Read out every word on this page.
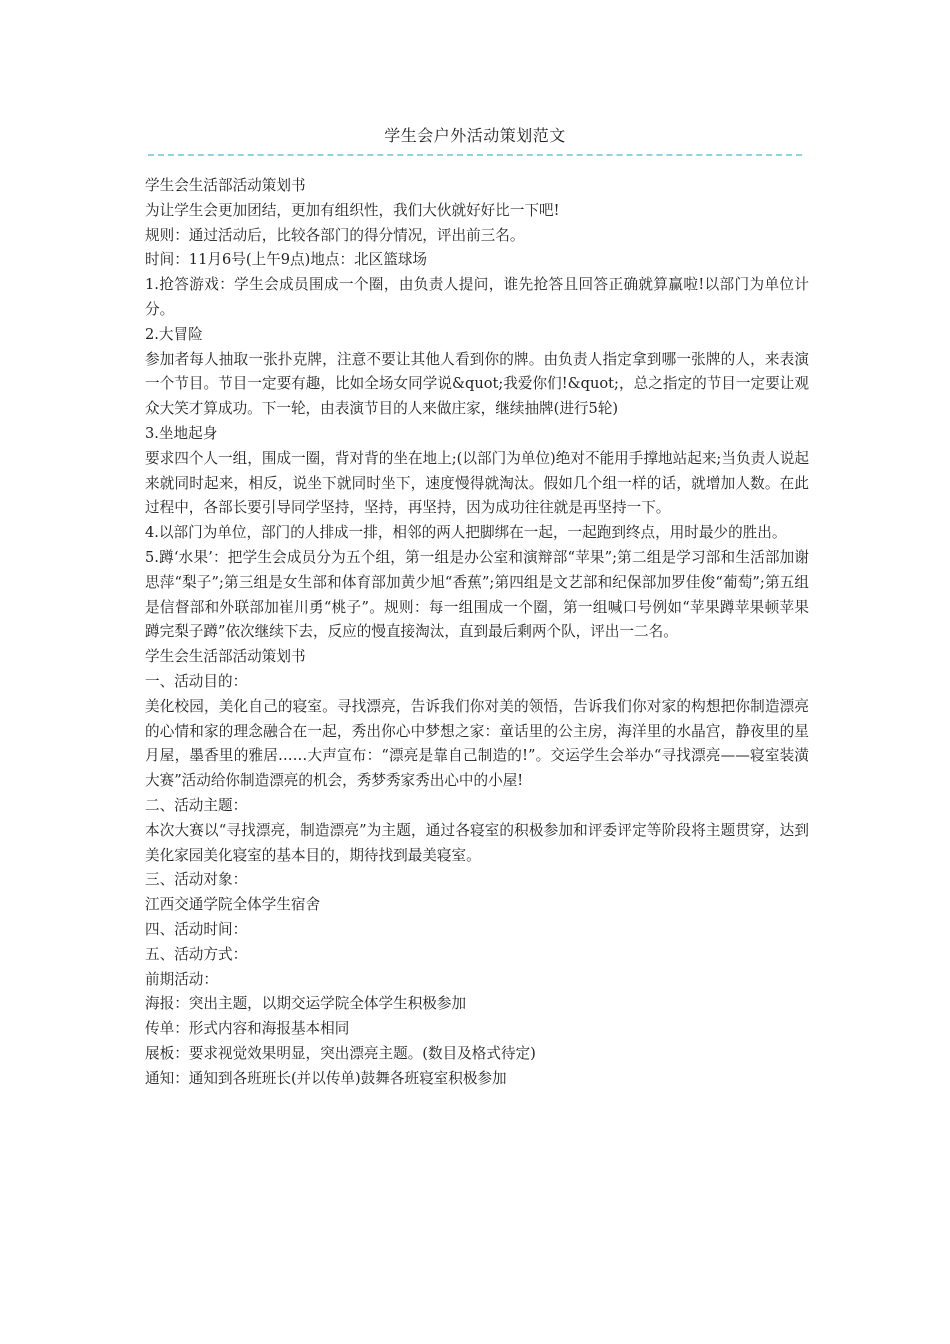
学生会户外活动策划范文

学生会生活部活动策划书

为让学生会更加团结，更加有组织性，我们大伙就好好比一下吧!

规则：通过活动后，比较各部门的得分情况，评出前三名。

时间：11月6号(上午9点)地点：北区篮球场

1.抢答游戏：学生会成员围成一个圈，由负责人提问，谁先抢答且回答正确就算赢啦!以部门为单位计分。

2.大冒险

参加者每人抽取一张扑克牌，注意不要让其他人看到你的牌。由负责人指定拿到哪一张牌的人，来表演一个节目。节目一定要有趣，比如全场女同学说&quot;我爱你们!&quot;，总之指定的节目一定要让观众大笑才算成功。下一轮，由表演节目的人来做庄家，继续抽牌(进行5轮)

3.坐地起身

要求四个人一组，围成一圈，背对背的坐在地上;(以部门为单位)绝对不能用手撑地站起来;当负责人说起来就同时起来，相反，说坐下就同时坐下，速度慢得就淘汰。假如几个组一样的话，就增加人数。在此过程中，各部长要引导同学坚持，坚持，再坚持，因为成功往往就是再坚持一下。

4.以部门为单位，部门的人排成一排，相邻的两人把脚绑在一起，一起跑到终点，用时最少的胜出。

5.蹲‘水果’：把学生会成员分为五个组，第一组是办公室和演辩部“苹果”;第二组是学习部和生活部加谢思萍“梨子”;第三组是女生部和体育部加黄少旭“香蕉”;第四组是文艺部和纪保部加罗佳俊“葡萄”;第五组是信督部和外联部加崔川勇“桃子”。规则：每一组围成一个圈，第一组喊口号例如“苹果蹲苹果顿苹果蹲完梨子蹲”依次继续下去，反应的慢直接淘汰，直到最后剩两个队，评出一二名。

学生会生活部活动策划书

一、活动目的：

美化校园，美化自己的寝室。寻找漂亮，告诉我们你对美的领悟，告诉我们你对家的构想把你制造漂亮的心情和家的理念融合在一起，秀出你心中梦想之家：童话里的公主房，海洋里的水晶宫，静夜里的星月屋，墨香里的雅居……大声宣布：“漂亮是靠自己制造的!”。交运学生会举办“寻找漂亮——寝室装潢大赛”活动给你制造漂亮的机会，秀梦秀家秀出心中的小屋!

二、活动主题：

本次大赛以“寻找漂亮，制造漂亮”为主题，通过各寝室的积极参加和评委评定等阶段将主题贯穿，达到美化家园美化寝室的基本目的，期待找到最美寝室。

三、活动对象：

江西交通学院全体学生宿舍

四、活动时间：

五、活动方式：

前期活动：

海报：突出主题，以期交运学院全体学生积极参加

传单：形式内容和海报基本相同

展板：要求视觉效果明显，突出漂亮主题。(数目及格式待定)

通知：通知到各班班长(并以传单)鼓舞各班寝室积极参加
